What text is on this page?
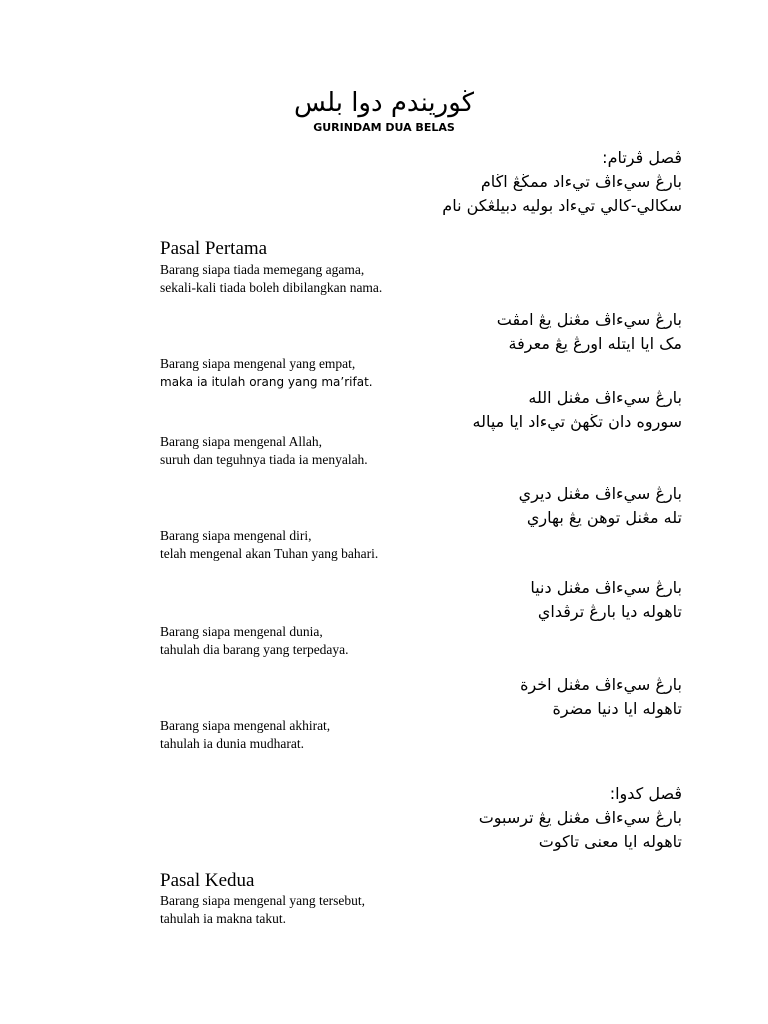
ڬوريندم دوا بلس
GURINDAM DUA BELAS
ڤصل ڤرتام:
بارڠ سيءاڤ تيءاد ممڬڠ اڬام
سكالي-كالي تيءاد بوليه دبيلڠكن نام
Pasal Pertama
Barang siapa tiada memegang agama,
sekali-kali tiada boleh dibilangkan nama.
بارڠ سيءاڤ مڠنل يڠ امڤت
مک ايا ايتله اورڠ يڠ معرفة
Barang siapa mengenal yang empat,
maka ia itulah orang yang ma’rifat.
بارڠ سيءاڤ مڠنل الله
سوروه دان تڬهڽ تيءاد ايا مپاله
Barang siapa mengenal Allah,
suruh dan teguhnya tiada ia menyalah.
بارڠ سيءاڤ مڠنل ديري
تله مڠنل توهن يڠ بهاري
Barang siapa mengenal diri,
telah mengenal akan Tuhan yang bahari.
بارڠ سيءاڤ مڠنل دنيا
تاهوله ديا بارڠ ترڤداي
Barang siapa mengenal dunia,
tahulah dia barang yang terpedaya.
بارڠ سيءاڤ مڠنل اخرة
تاهوله ايا دنيا مضرة
Barang siapa mengenal akhirat,
tahulah ia dunia mudharat.
ڤصل كدوا:
بارڠ سيءاڤ مڠنل يڠ ترسبوت
تاهوله ايا معنى تاكوت
Pasal Kedua
Barang siapa mengenal yang tersebut,
tahulah ia makna takut.
